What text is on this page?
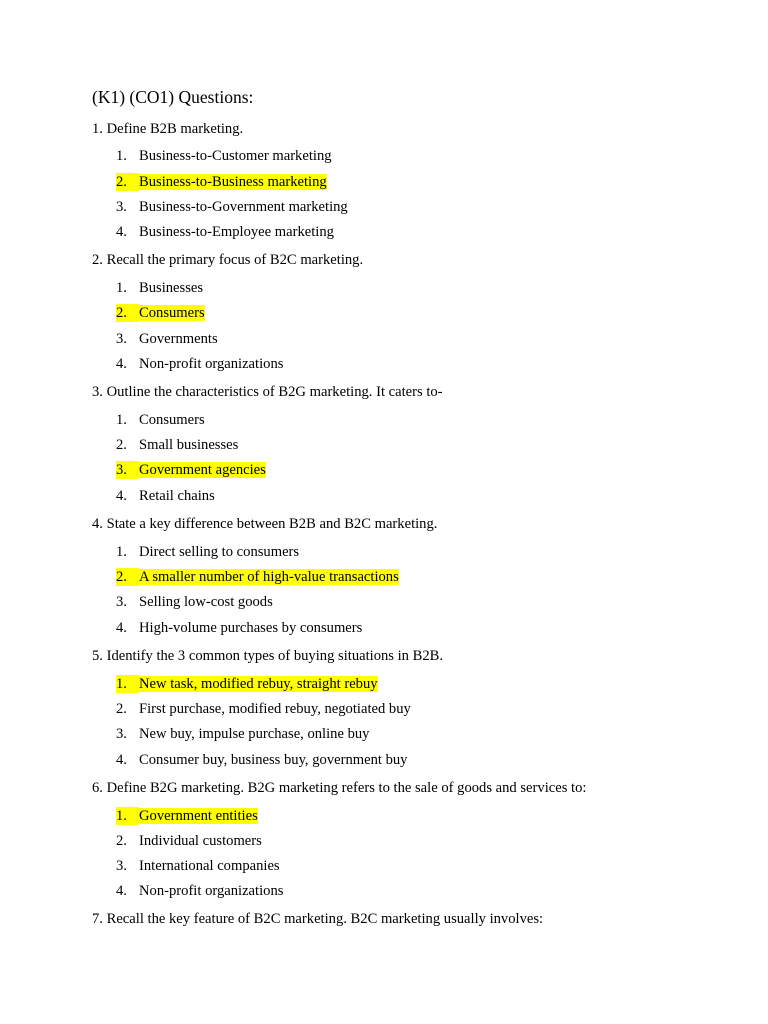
(K1) (CO1) Questions:
1. Define B2B marketing.
1. Business-to-Customer marketing
2. Business-to-Business marketing
3. Business-to-Government marketing
4. Business-to-Employee marketing
2. Recall the primary focus of B2C marketing.
1. Businesses
2. Consumers
3. Governments
4. Non-profit organizations
3. Outline the characteristics of B2G marketing. It caters to-
1. Consumers
2. Small businesses
3. Government agencies
4. Retail chains
4. State a key difference between B2B and B2C marketing.
1. Direct selling to consumers
2. A smaller number of high-value transactions
3. Selling low-cost goods
4. High-volume purchases by consumers
5. Identify the 3 common types of buying situations in B2B.
1. New task, modified rebuy, straight rebuy
2. First purchase, modified rebuy, negotiated buy
3. New buy, impulse purchase, online buy
4. Consumer buy, business buy, government buy
6. Define B2G marketing. B2G marketing refers to the sale of goods and services to:
1. Government entities
2. Individual customers
3. International companies
4. Non-profit organizations
7. Recall the key feature of B2C marketing. B2C marketing usually involves:
